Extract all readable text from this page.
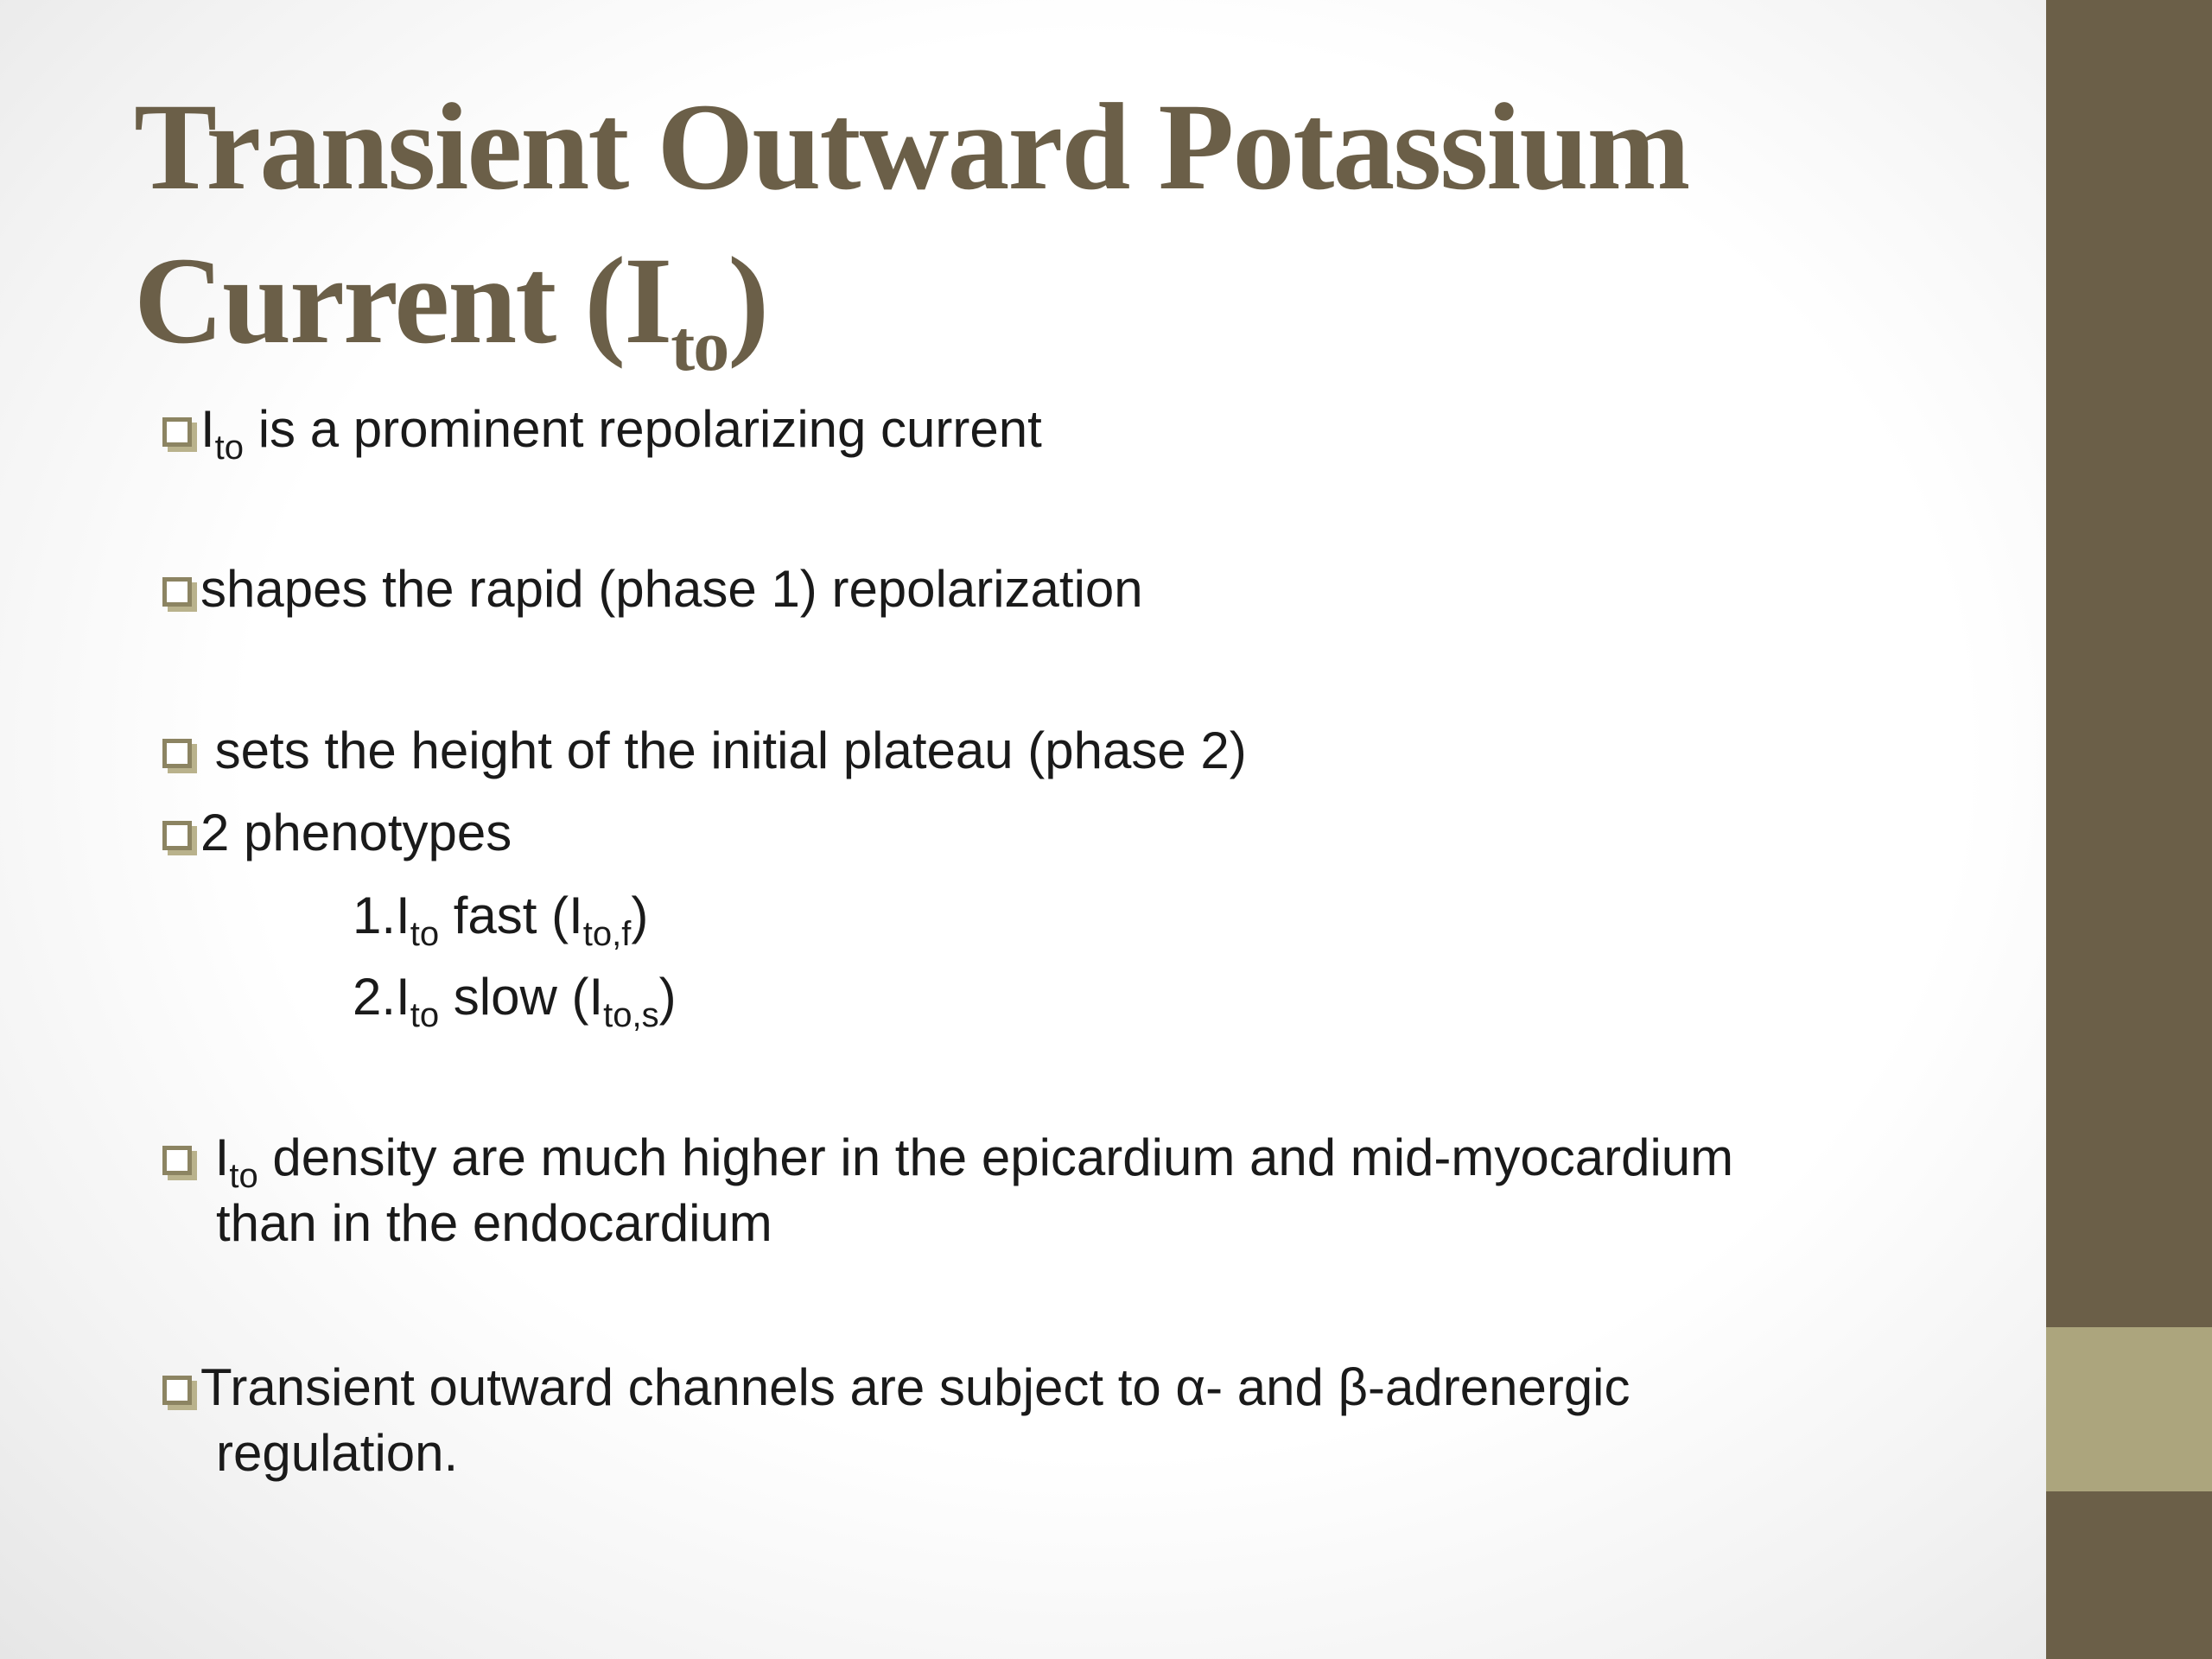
Transient Outward Potassium
Current $(I_{to})$
$I_{to}$ is a prominent repolarizing current
shapes the rapid (phase 1) repolarization
sets the height of the initial plateau (phase 2)
2 phenotypes
$1.I_{to}$ fast $(I_{to,f})$
$2.I_{to}$ slow $(I_{to,s})$
$I_{to}$ density are much higher in the epicardium and mid-myocardium
than in the endocardium
Transient outward channels are subject to α- and β-adrenergic
regulation.
